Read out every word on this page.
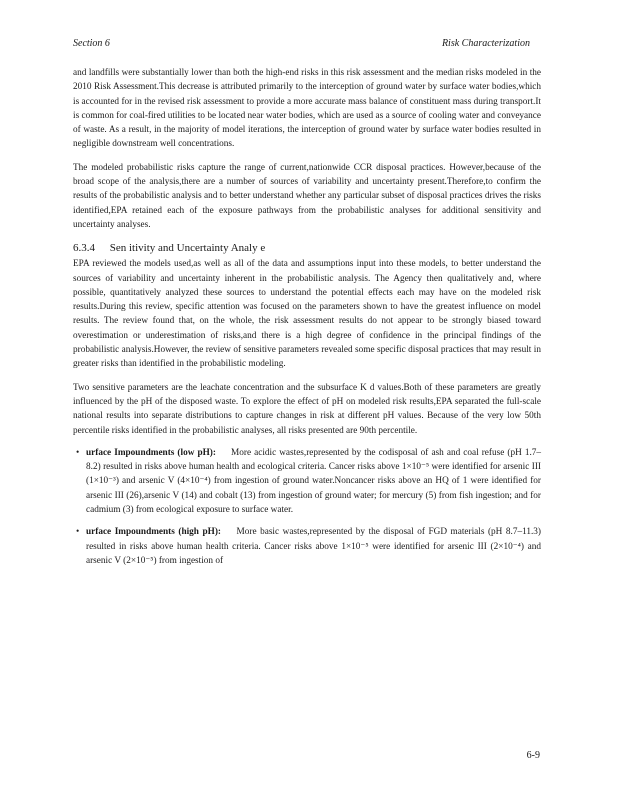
Section 6	Risk Characterization

and landfills were substantially lower than both the high-end risks in this risk assessment and the median risks modeled in the 2010 Risk Assessment.This decrease is attributed primarily to the interception of ground water by surface water bodies,which is accounted for in the revised risk assessment to provide a more accurate mass balance of constituent mass during transport.It is common for coal-fired utilities to be located near water bodies, which are used as a source of cooling water and conveyance of waste. As a result, in the majority of model iterations, the interception of ground water by surface water bodies resulted in negligible downstream well concentrations.

The modeled probabilistic risks capture the range of current,nationwide CCR disposal practices. However,because of the broad scope of the analysis,there are a number of sources of variability and uncertainty present.Therefore,to confirm the results of the probabilistic analysis and to better understand whether any particular subset of disposal practices drives the risks identified,EPA retained each of the exposure pathways from the probabilistic analyses for additional sensitivity and uncertainty analyses.

6.3.4 Sen itivity and Uncertainty Analy e

EPA reviewed the models used,as well as all of the data and assumptions input into these models, to better understand the sources of variability and uncertainty inherent in the probabilistic analysis. The Agency then qualitatively and, where possible, quantitatively analyzed these sources to understand the potential effects each may have on the modeled risk results.During this review, specific attention was focused on the parameters shown to have the greatest influence on model results. The review found that, on the whole, the risk assessment results do not appear to be strongly biased toward overestimation or underestimation of risks,and there is a high degree of confidence in the principal findings of the probabilistic analysis.However, the review of sensitive parameters revealed some specific disposal practices that may result in greater risks than identified in the probabilistic modeling.

Two sensitive parameters are the leachate concentration and the subsurface K d values.Both of these parameters are greatly influenced by the pH of the disposed waste. To explore the effect of pH on modeled risk results,EPA separated the full-scale national results into separate distributions to capture changes in risk at different pH values. Because of the very low 50th percentile risks identified in the probabilistic analyses, all risks presented are 90th percentile.

• urface Impoundments (low pH): More acidic wastes,represented by the codisposal of ash and coal refuse (pH 1.7–8.2) resulted in risks above human health and ecological criteria. Cancer risks above 1×10⁻⁵ were identified for arsenic III (1×10⁻³) and arsenic V (4×10⁻⁴) from ingestion of ground water.Noncancer risks above an HQ of 1 were identified for arsenic III (26),arsenic V (14) and cobalt (13) from ingestion of ground water; for mercury (5) from fish ingestion; and for cadmium (3) from ecological exposure to surface water.
• urface Impoundments (high pH): More basic wastes,represented by the disposal of FGD materials (pH 8.7–11.3) resulted in risks above human health criteria. Cancer risks above 1×10⁻⁵ were identified for arsenic III (2×10⁻⁴) and arsenic V (2×10⁻⁵) from ingestion of
6-9
